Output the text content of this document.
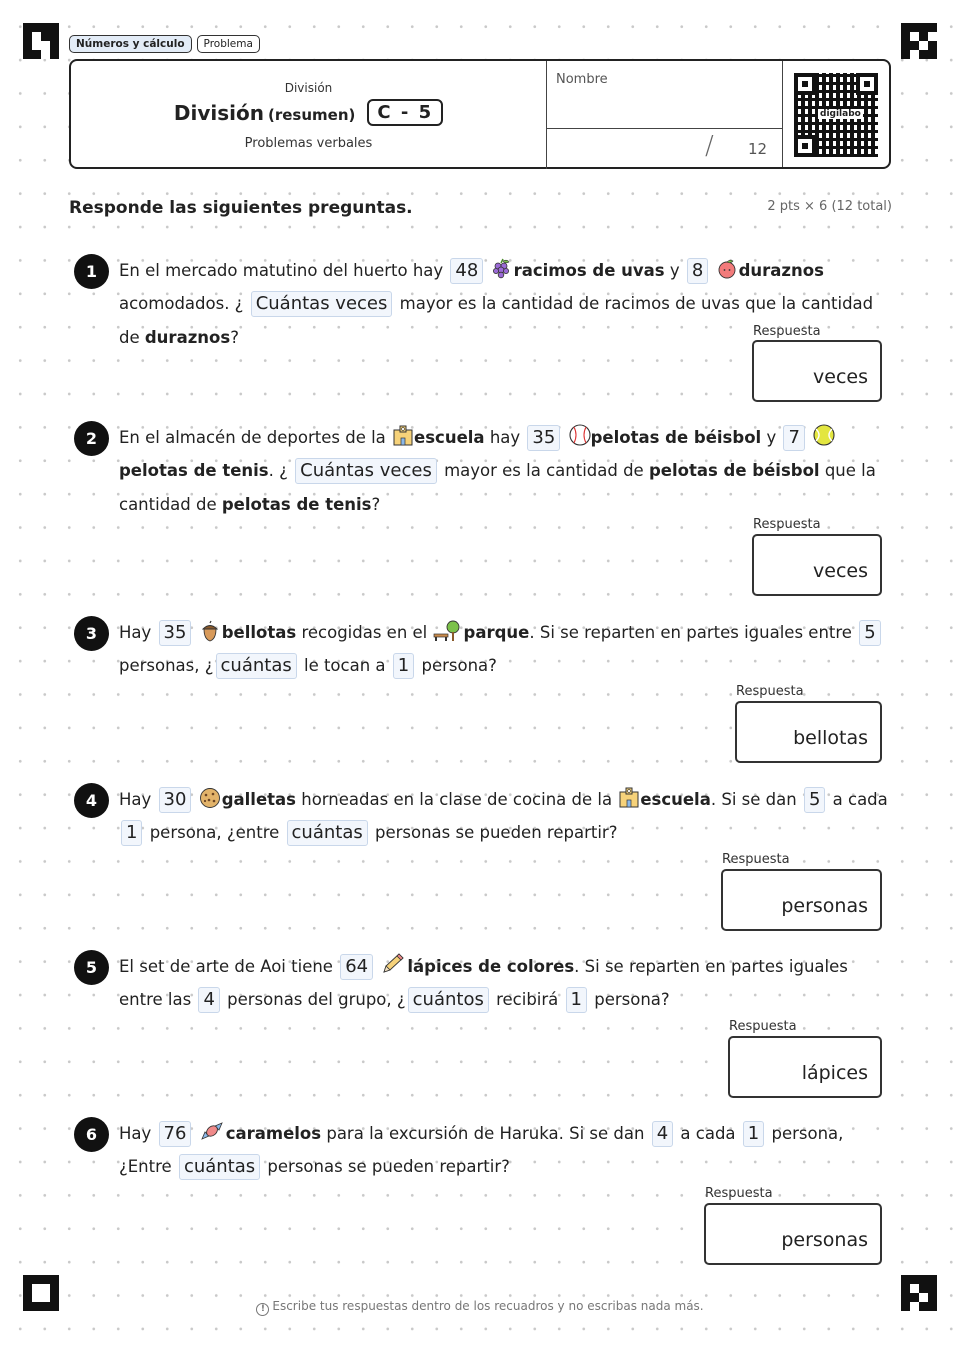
Números y cálculo	Problema
División
División (resumen)	C - 5
Problemas verbales
Nombre
/ 12
digilabo
Responde las siguientes preguntas.	2 pts × 6 (12 total)
1	En el mercado matutino del huerto hay 48 racimos de uvas y 8 duraznos acomodados. ¿ Cuántas veces mayor es la cantidad de racimos de uvas que la cantidad de duraznos?	Respuesta
veces
2	En el almacén de deportes de la escuela hay 35 pelotas de béisbol y 7 pelotas de tenis. ¿ Cuántas veces mayor es la cantidad de pelotas de béisbol que la cantidad de pelotas de tenis?
Respuesta
veces
3	Hay 35 bellotas recogidas en el parque. Si se reparten en partes iguales entre 5 personas, ¿ cuántas le tocan a 1 persona?
Respuesta
bellotas
4	Hay 30 galletas horneadas en la clase de cocina de la escuela. Si se dan 5 a cada 1 persona, ¿entre cuántas personas se pueden repartir?
Respuesta
personas
5	El set de arte de Aoi tiene 64 lápices de colores. Si se reparten en partes iguales entre las 4 personas del grupo, ¿ cuántos recibirá 1 persona?
Respuesta
lápices
6	Hay 76 caramelos para la excursión de Haruka. Si se dan 4 a cada 1 persona, ¿Entre cuántas personas se pueden repartir?
Respuesta
personas
! Escribe tus respuestas dentro de los recuadros y no escribas nada más.
